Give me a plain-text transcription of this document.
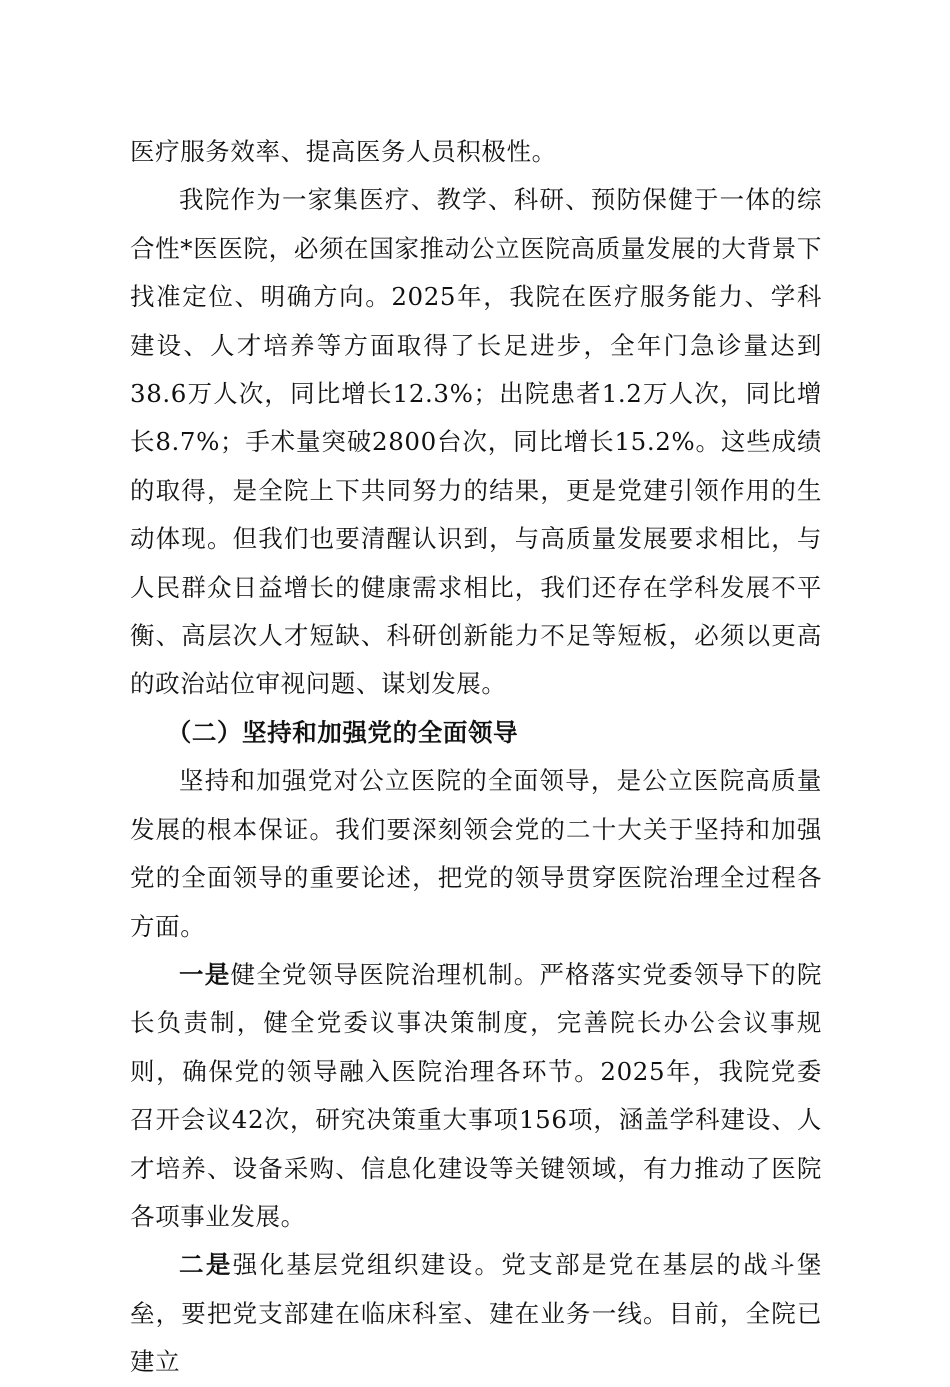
医疗服务效率、提高医务人员积极性。

我院作为一家集医疗、教学、科研、预防保健于一体的综合性*医医院，必须在国家推动公立医院高质量发展的大背景下找准定位、明确方向。2025年，我院在医疗服务能力、学科建设、人才培养等方面取得了长足进步，全年门急诊量达到38.6万人次，同比增长12.3%；出院患者1.2万人次，同比增长8.7%；手术量突破2800台次，同比增长15.2%。这些成绩的取得，是全院上下共同努力的结果，更是党建引领作用的生动体现。但我们也要清醒认识到，与高质量发展要求相比，与人民群众日益增长的健康需求相比，我们还存在学科发展不平衡、高层次人才短缺、科研创新能力不足等短板，必须以更高的政治站位审视问题、谋划发展。

（二）坚持和加强党的全面领导

坚持和加强党对公立医院的全面领导，是公立医院高质量发展的根本保证。我们要深刻领会党的二十大关于坚持和加强党的全面领导的重要论述，把党的领导贯穿医院治理全过程各方面。

一是健全党领导医院治理机制。严格落实党委领导下的院长负责制，健全党委议事决策制度，完善院长办公会议事规则，确保党的领导融入医院治理各环节。2025年，我院党委召开会议42次，研究决策重大事项156项，涵盖学科建设、人才培养、设备采购、信息化建设等关键领域，有力推动了医院各项事业发展。

二是强化基层党组织建设。党支部是党在基层的战斗堡垒，要把党支部建在临床科室、建在业务一线。目前，全院已建立
